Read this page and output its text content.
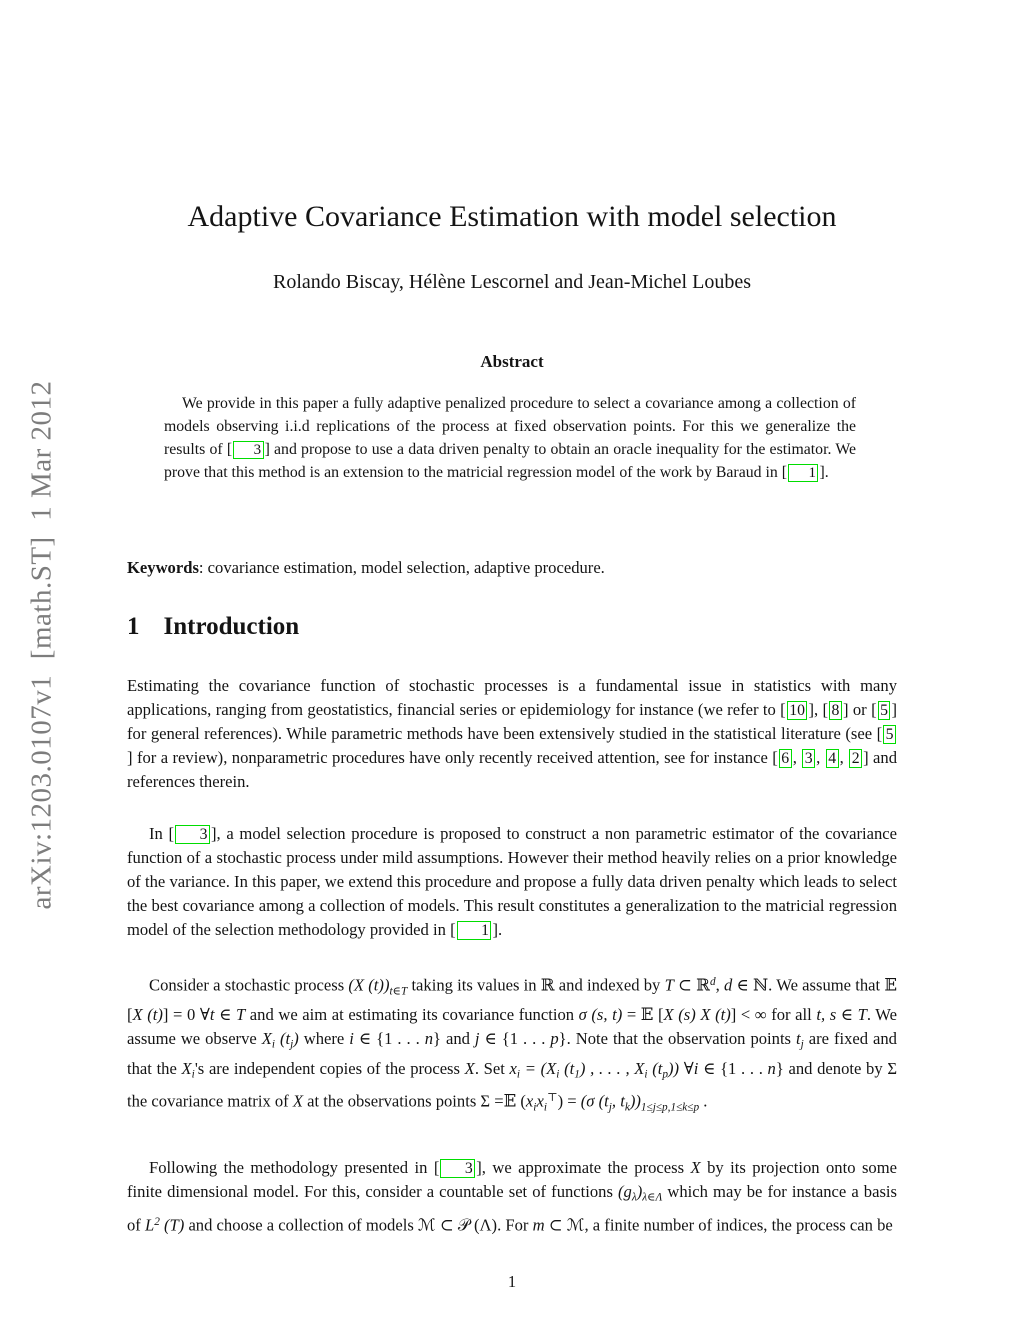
arXiv:1203.0107v1  [math.ST]  1 Mar 2012
Adaptive Covariance Estimation with model selection
Rolando Biscay, Hélène Lescornel and Jean-Michel Loubes
Abstract

We provide in this paper a fully adaptive penalized procedure to select a covariance among a collection of models observing i.i.d replications of the process at fixed observation points. For this we generalize the results of [ 3 ] and propose to use a data driven penalty to obtain an oracle inequality for the estimator. We prove that this method is an extension to the matricial regression model of the work by Baraud in [ 1 ].

Keywords: covariance estimation, model selection, adaptive procedure.

1 Introduction

Estimating the covariance function of stochastic processes is a fundamental issue in statistics with many applications, ranging from geostatistics, financial series or epidemiology for instance (we refer to [ 10 ], [ 8 ] or [ 5 ] for general references). While parametric methods have been extensively studied in the statistical literature (see [ 5] for a review), nonparametric procedures have only recently received attention, see for instance [ 6 , 3 , 4 , 2 ] and references therein.

In [ 3 ], a model selection procedure is proposed to construct a non parametric estimator of the covariance function of a stochastic process under mild assumptions. However their method heavily relies on a prior knowledge of the variance. In this paper, we extend this procedure and propose a fully data driven penalty which leads to select the best covariance among a collection of models. This result constitutes a generalization to the matricial regression model of the selection methodology provided in [ 1 ].

Consider a stochastic process (X $(t))_{t\in T}$ taking its values in ℝ and indexed by T ⊂ ℝ$^d$, d ∈ ℕ. We assume that 𝔼 [X (t)] = 0 ∀t ∈ T and we aim at estimating its covariance function σ (s, t) = 𝔼 [X (s) X (t)] < ∞ for all t, s ∈ T. We assume we observe $X_i$ $(t_j)$ where i ∈ {1 . . . n} and j ∈ {1 . . . p}. Note that the observation points $t_j$ are fixed and that the $X_i's$ are independent copies of the process X. Set $x_i = (X_i$ $(t_1)$ , . . . , $X_i$ $(t_p)$) ∀i ∈ {1 . . . n} and denote by Σ the covariance matrix of X at the observations points Σ =𝔼 $(x_ix_i^⊤) = (\sigma$ ($t_j$, $t_k))_{1\le j\le p,1\le k\le p}$ .

Following the methodology presented in [ 3 ], we approximate the process X by its projection onto some finite dimensional model. For this, consider a countable set of functions $(g_\lambda)_{\lambda\in\Lambda}$ which may be for instance a basis of $L^2$ (T) and choose a collection of models ℳ ⊂ 𝒫 (Λ). For m ⊂ ℳ, a finite number of indices, the process can be

1
